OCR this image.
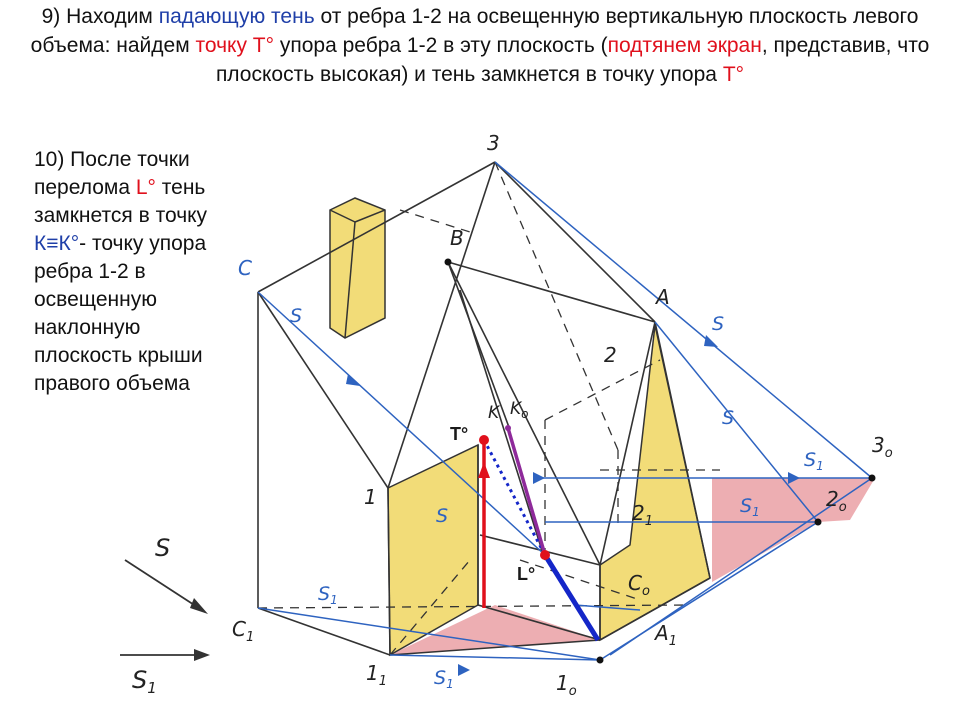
9) Находим падающую тень от ребра 1-2 на освещенную вертикальную плоскость левого объема: найдем точку Т° упора ребра 1-2 в эту плоскость (подтянем экран, представив, что плоскость высокая) и тень замкнется в точку упора Т°
10) После точки перелома L° тень замкнется в точку К≡К°- точку упора ребра 1-2 в освещенную наклонную плоскость крыши правого объема
3
B
C
A
2
1
$C_1$	$A_1$
$1_1$	$1_o$
$3_o$
$2_o$
$C_o$
$2_1$
K $K_o$
S	S
S
S
$S_1$
$S_1$
$S_1$
$S_1$
S
$S_1$
Т°
L°
